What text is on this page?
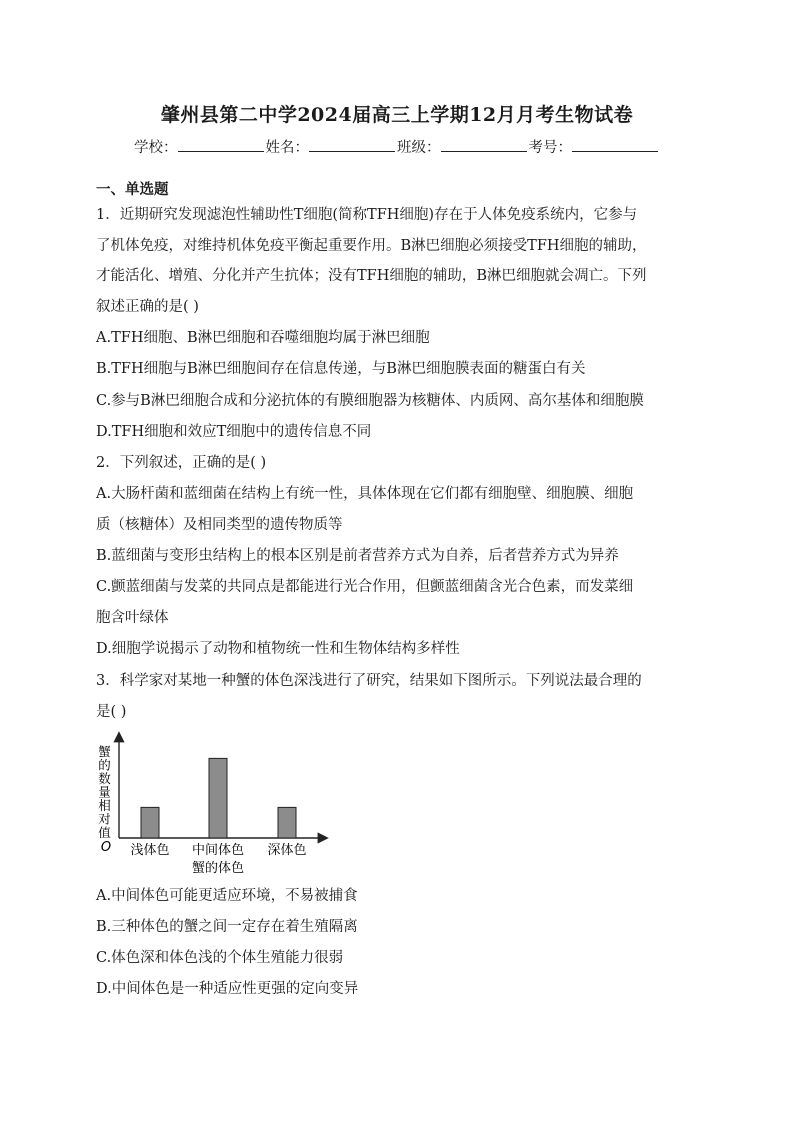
肇州县第二中学2024届高三上学期12月月考生物试卷
学校：	姓名：	班级：	考号：
一、单选题
1．近期研究发现滤泡性辅助性T细胞(简称TFH细胞)存在于人体免疫系统内，它参与
了机体免疫，对维持机体免疫平衡起重要作用。B淋巴细胞必须接受TFH细胞的辅助，
才能活化、增殖、分化并产生抗体；没有TFH细胞的辅助，B淋巴细胞就会凋亡。下列
叙述正确的是( )
A.TFH细胞、B淋巴细胞和吞噬细胞均属于淋巴细胞
B.TFH细胞与B淋巴细胞间存在信息传递，与B淋巴细胞膜表面的糖蛋白有关
C.参与B淋巴细胞合成和分泌抗体的有膜细胞器为核糖体、内质网、高尔基体和细胞膜
D.TFH细胞和效应T细胞中的遗传信息不同
2．下列叙述，正确的是( )
A.大肠杆菌和蓝细菌在结构上有统一性，具体体现在它们都有细胞壁、细胞膜、细胞
质（核糖体）及相同类型的遗传物质等
B.蓝细菌与变形虫结构上的根本区别是前者营养方式为自养，后者营养方式为异养
C.颤蓝细菌与发菜的共同点是都能进行光合作用，但颤蓝细菌含光合色素，而发菜细
胞含叶绿体
D.细胞学说揭示了动物和植物统一性和生物体结构多样性
3．科学家对某地一种蟹的体色深浅进行了研究，结果如下图所示。下列说法最合理的
是( )
O
蟹的数量相对值
浅体色 中间体色 深体色
蟹的体色
A.中间体色可能更适应环境，不易被捕食
B.三种体色的蟹之间一定存在着生殖隔离
C.体色深和体色浅的个体生殖能力很弱
D.中间体色是一种适应性更强的定向变异
